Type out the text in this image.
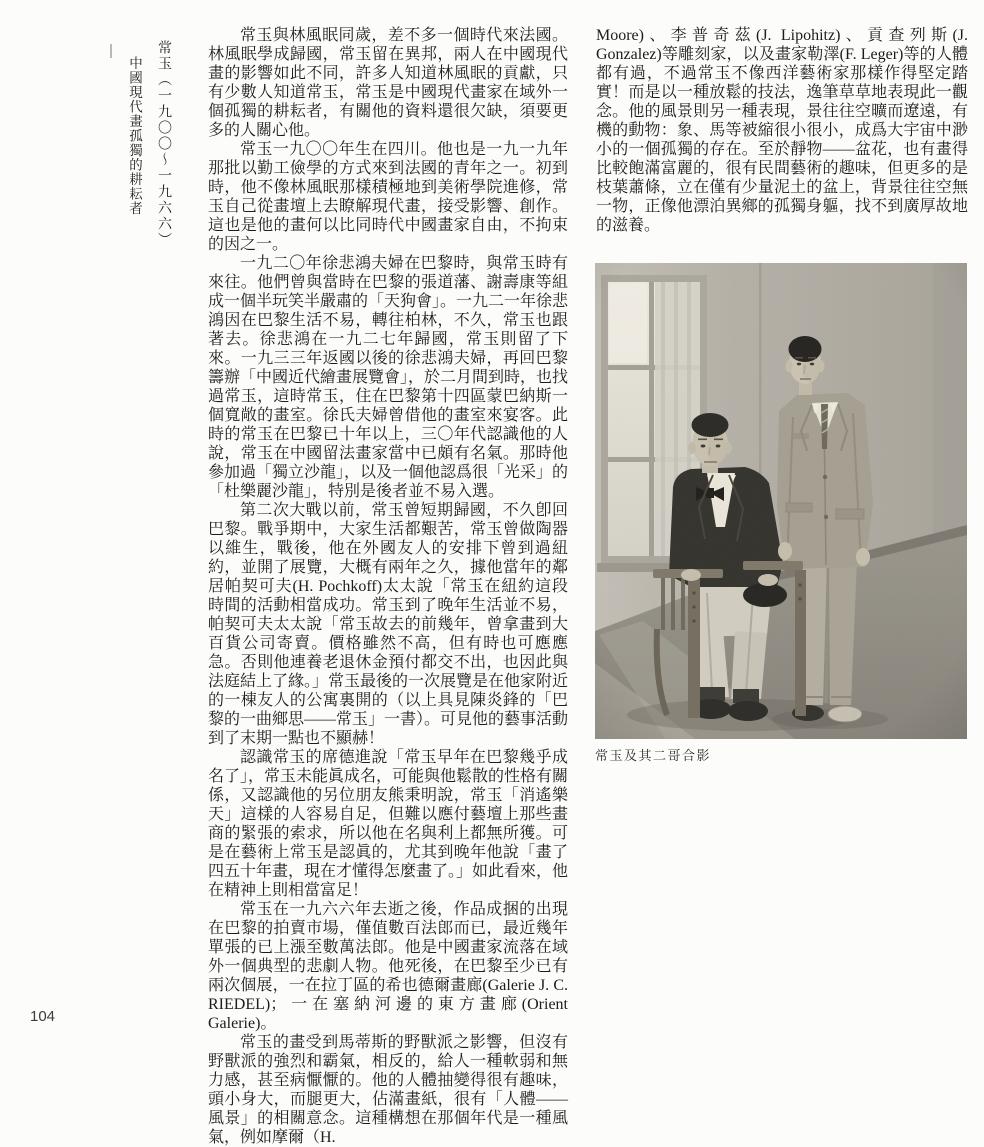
常玉（一九〇〇～一九六六）
中國現代畫孤獨的耕耘者

常玉與林風眠同歲，差不多一個時代來法國。林風眠學成歸國，常玉留在異邦，兩人在中國現代畫的影響如此不同，許多人知道林風眠的貢獻，只有少數人知道常玉，常玉是中國現代畫家在域外一個孤獨的耕耘者，有關他的資料還很欠缺，須要更多的人關心他。

常玉一九〇〇年生在四川。他也是一九一九年那批以勤工儉學的方式來到法國的青年之一。初到時，他不像林風眠那樣積極地到美術學院進修，常玉自己從畫壇上去瞭解現代畫，接受影響、創作。這也是他的畫何以比同時代中國畫家自由，不拘束的因之一。

一九二〇年徐悲鴻夫婦在巴黎時，與常玉時有來往。他們曾與當時在巴黎的張道藩、謝壽康等組成一個半玩笑半嚴肅的「天狗會」。一九二一年徐悲鴻因在巴黎生活不易，轉往柏林，不久，常玉也跟著去。徐悲鴻在一九二七年歸國，常玉則留了下來。一九三三年返國以後的徐悲鴻夫婦，再回巴黎籌辦「中國近代繪畫展覽會」，於二月間到時，也找過常玉，這時常玉，住在巴黎第十四區蒙巴納斯一個寬敞的畫室。徐氏夫婦曾借他的畫室來宴客。此時的常玉在巴黎已十年以上，三〇年代認識他的人說，常玉在中國留法畫家當中已頗有名氣。那時他參加過「獨立沙龍」，以及一個他認爲很「光采」的「杜樂麗沙龍」，特別是後者並不易入選。

第二次大戰以前，常玉曾短期歸國，不久卽回巴黎。戰爭期中，大家生活都艱苦，常玉曾做陶器以維生，戰後，他在外國友人的安排下曾到過紐約，並開了展覽，大概有兩年之久，據他當年的鄰居帕契可夫(H. Pochkoff)太太說「常玉在紐約這段時間的活動相當成功。常玉到了晚年生活並不易，帕契可夫太太說「常玉故去的前幾年，曾拿畫到大百貨公司寄賣。價格雖然不高，但有時也可應應急。否則他連養老退休金預付都交不出，也因此與法庭結上了緣。」常玉最後的一次展覽是在他家附近的一棟友人的公寓裏開的（以上具見陳炎鋒的「巴黎的一曲鄉思——常玉」一書）。可見他的藝事活動到了末期一點也不顯赫！

認識常玉的席德進說「常玉早年在巴黎幾乎成名了」，常玉未能眞成名，可能與他鬆散的性格有關係，又認識他的另位朋友熊秉明說，常玉「消遙樂天」這樣的人容易自足，但難以應付藝壇上那些畫商的緊張的索求，所以他在名與利上都無所獲。可是在藝術上常玉是認眞的，尤其到晚年他說「畫了四五十年畫，現在才懂得怎麼畫了。」如此看來，他在精神上則相當富足！

常玉在一九六六年去逝之後，作品成捆的出現在巴黎的拍賣市場，僅值數百法郎而已，最近幾年單張的已上漲至數萬法郎。他是中國畫家流落在域外一個典型的悲劇人物。他死後，在巴黎至少已有兩次個展，一在拉丁區的希也德爾畫廊(Galerie J. C. RIEDEL)；一在塞納河邊的東方畫廊(Orient Galerie)。

常玉的畫受到馬蒂斯的野獸派之影響，但沒有野獸派的強烈和霸氣，相反的，給人一種軟弱和無力感，甚至病懨懨的。他的人體抽變得很有趣味，頭小身大，而腿更大，佔滿畫紙，很有「人體——風景」的相關意念。這種構想在那個年代是一種風氣，例如摩爾（H.

Moore)、李普奇茲(J. Lipohitz)、貢查列斯(J. Gonzalez)等雕刻家，以及畫家勒澤(F. Leger)等的人體都有過，不過常玉不像西洋藝術家那樣作得堅定踏實！而是以一種放鬆的技法，逸筆草草地表現此一觀念。他的風景則另一種表現，景往往空曠而遼遠，有機的動物：象、馬等被縮很小很小，成爲大宇宙中渺小的一個孤獨的存在。至於靜物——盆花，也有畫得比較飽滿富麗的，很有民間藝術的趣味，但更多的是枝葉蕭條，立在僅有少量泥土的盆上，背景往往空無一物，正像他漂泊異鄉的孤獨身軀，找不到廣厚故地的滋養。

常玉及其二哥合影
104
